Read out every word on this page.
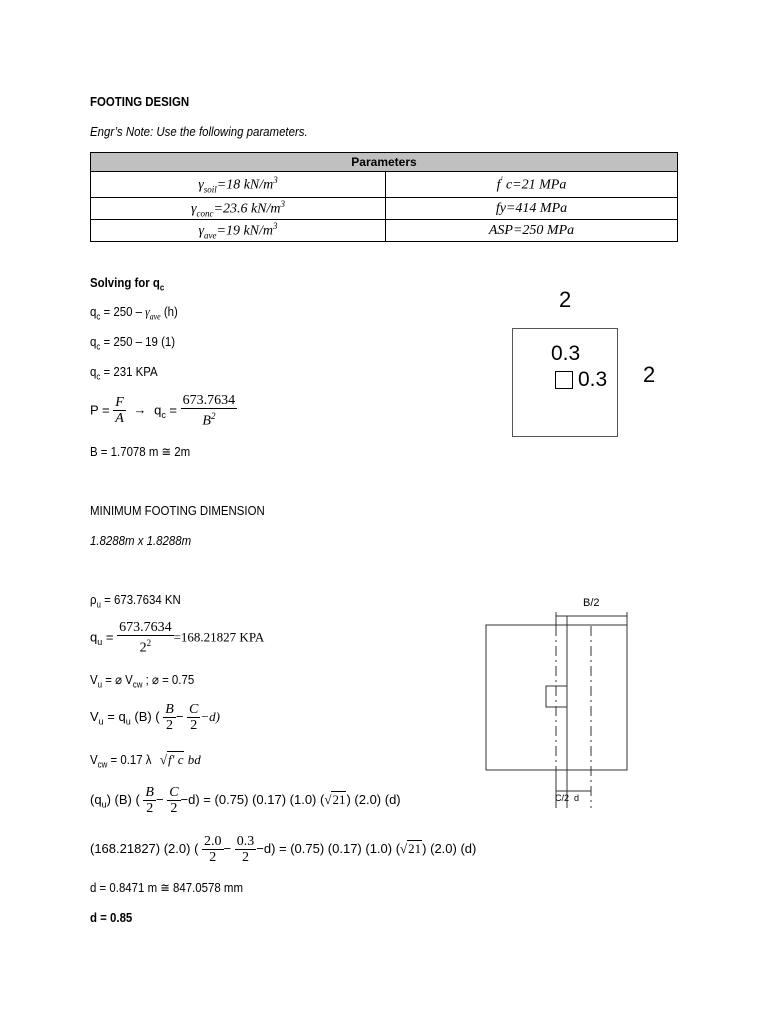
FOOTING DESIGN
Engr’s Note: Use the following parameters.
Parameters	
$\gamma_{soil}=18$ $kN/m^3$	f' c=21 MPa
$\gamma_{conc}=23.6$ $kN/m^3$	fy=414 MPa
$\gamma_{ave}=19$ $kN/m^3$	ASP=250 MPa
Solving for $q_c$
$q_c = 250 - \gamma_{ave}$ (h)
$q_c = 250 - 19$ (1)
$q_c = 231$ KPA
$P = \frac{F}{A} \to q_c = \frac{673.7634}{B^2}$
B = 1.7078 m ≅ 2m
2
2
0.3
0.3
MINIMUM FOOTING DIMENSION
1.8288m x 1.8288m
$\rho_u = 673.7634$ KN
$q_u = \frac{673.7634}{2^2} =168.21827$ KPA
$V_u$ = ⌀ $V_{cw}$ ; ⌀ = 0.75
$V_u = q_u$ (B) ( $\frac{B}{2} - \frac{C}{2} -d$)
$V_{cw} = 0.17$ λ√f' c bd
$(q_u)$ (B) ( $\frac{B}{2} - \frac{C}{2} -d) = (0.75)$ (0.17) (1.0) (√21) (2.0) (d)
(168.21827) (2.0) ( $\frac{2.0}{2} - \frac{0.3}{2} -d) = (0.75)$ (0.17) (1.0) (√21) (2.0) (d)
d = 0.8471 m ≅ 847.0578 mm
d = 0.85
B/2
C/2 d
